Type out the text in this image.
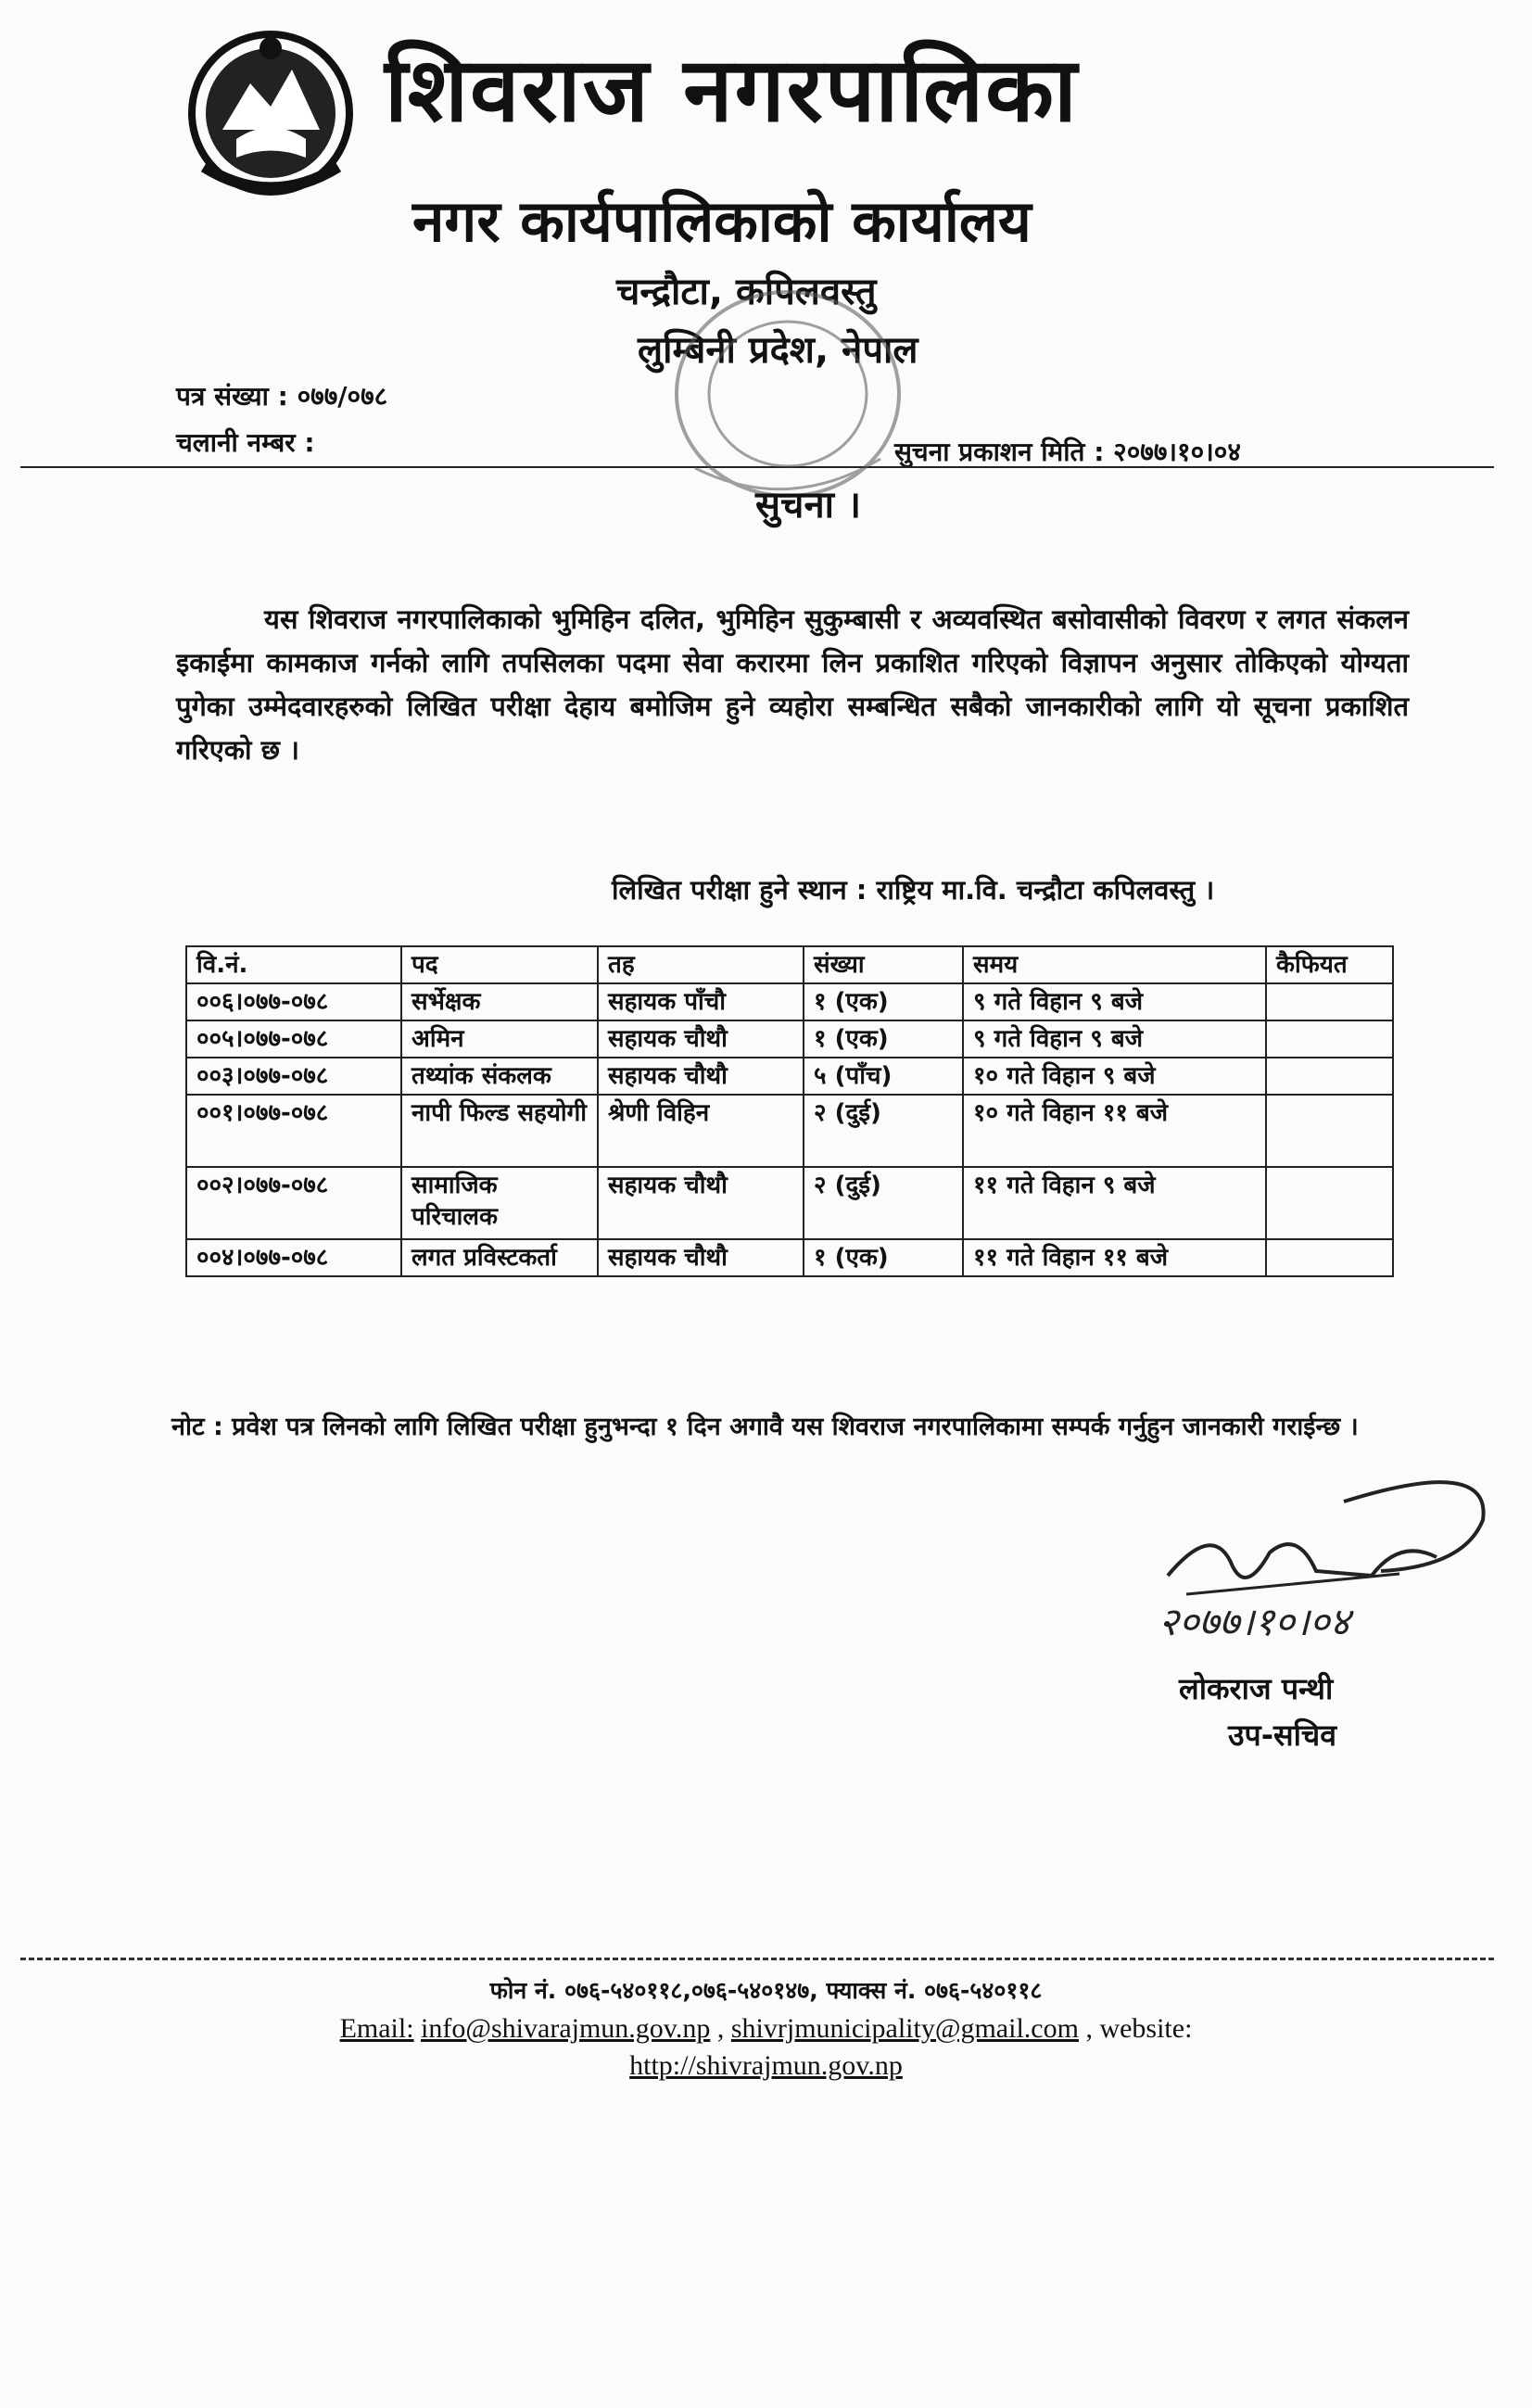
शिवराज नगरपालिका
नगर कार्यपालिकाको कार्यालय
चन्द्रौटा, कपिलवस्तु
लुम्बिनी प्रदेश, नेपाल
पत्र संख्या : ०७७/०७८
चलानी नम्बर :	सुचना प्रकाशन मिति : २०७७।१०।०४
सुचना ।
यस शिवराज नगरपालिकाको भुमिहिन दलित, भुमिहिन सुकुम्बासी र अव्यवस्थित बसोवासीको विवरण र लगत संकलन इकाईमा कामकाज गर्नको लागि तपसिलका पदमा सेवा करारमा लिन प्रकाशित गरिएको विज्ञापन अनुसार तोकिएको योग्यता पुगेका उम्मेदवारहरुको लिखित परीक्षा देहाय बमोजिम हुने व्यहोरा सम्बन्धित सबैको जानकारीको लागि यो सूचना प्रकाशित गरिएको छ ।
लिखित परीक्षा हुने स्थान : राष्ट्रिय मा.वि. चन्द्रौटा कपिलवस्तु ।
वि.नं.	पद	तह	संख्या	समय	कैफियत
००६।०७७-०७८	सर्भेक्षक	सहायक पाँचौ	१ (एक)	९ गते विहान ९ बजे	
००५।०७७-०७८	अमिन	सहायक चौथौ	१ (एक)	९ गते विहान ९ बजे	
००३।०७७-०७८	तथ्यांक संकलक	सहायक चौथौ	५ (पाँच)	१० गते विहान ९ बजे	
००१।०७७-०७८	नापी फिल्ड सहयोगी	श्रेणी विहिन	२ (दुई)	१० गते विहान ११ बजे	
००२।०७७-०७८	सामाजिक परिचालक	सहायक चौथौ	२ (दुई)	११ गते विहान ९ बजे	
००४।०७७-०७८	लगत प्रविस्टकर्ता	सहायक चौथौ	१ (एक)	११ गते विहान ११ बजे	
नोट : प्रवेश पत्र लिनको लागि लिखित परीक्षा हुनुभन्दा १ दिन अगावै यस शिवराज नगरपालिकामा सम्पर्क गर्नुहुन जानकारी गराईन्छ ।
२०७७।१०।०४
लोकराज पन्थी
उप-सचिव
फोन नं. ०७६-५४०११८,०७६-५४०१४७, फ्याक्स नं. ०७६-५४०११८
Email: info@shivarajmun.gov.np , shivrjmunicipality@gmail.com , website:
http://shivrajmun.gov.np
